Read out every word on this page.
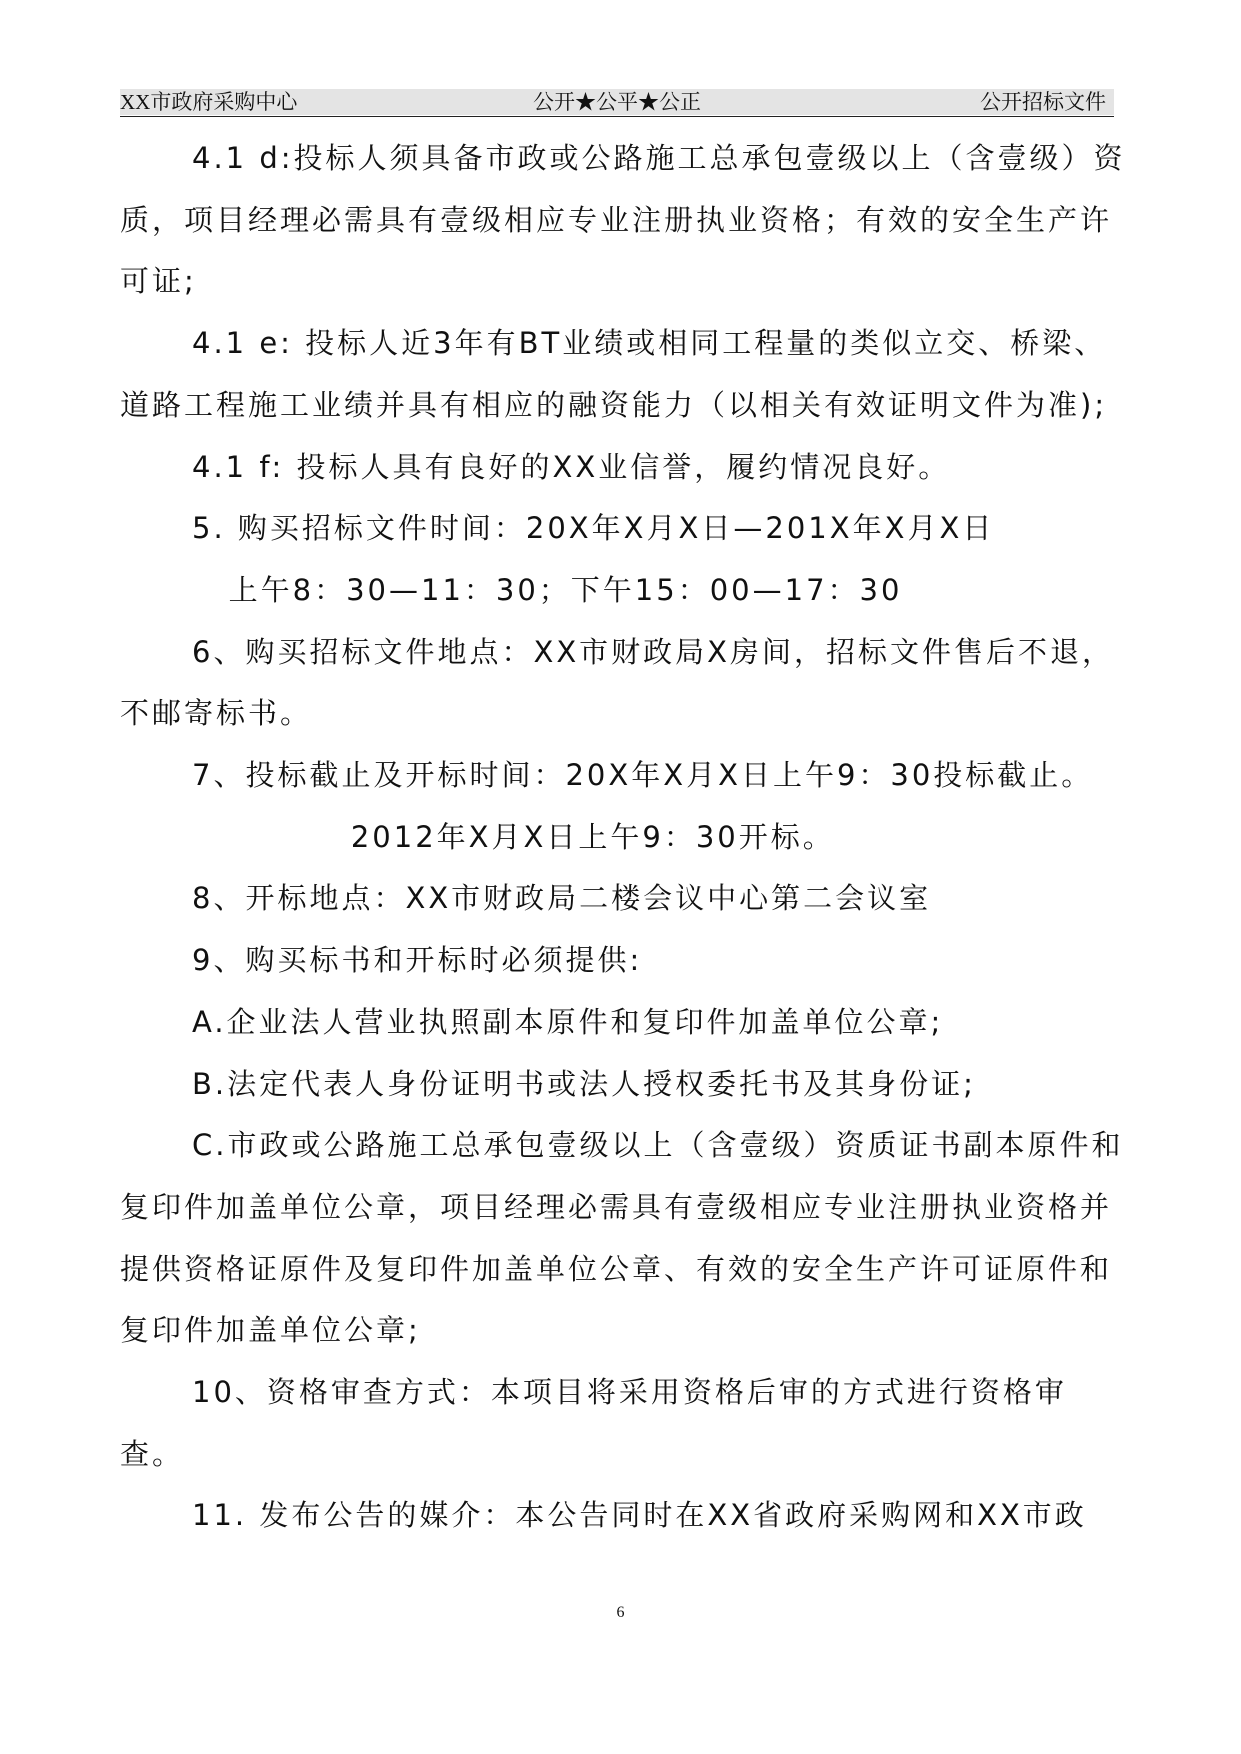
XX市政府采购中心	公开★公平★公正	公开招标文件

4.1 d:投标人须具备市政或公路施工总承包壹级以上（含壹级）资质，项目经理必需具有壹级相应专业注册执业资格；有效的安全生产许可证;

4.1 e: 投标人近3年有BT业绩或相同工程量的类似立交、桥梁、道路工程施工业绩并具有相应的融资能力（以相关有效证明文件为准);

4.1 f: 投标人具有良好的XX业信誉，履约情况良好。

5. 购买招标文件时间：20X年X月X日—201X年X月X日

上午8：30—11：30；下午15：00—17：30

6、购买招标文件地点：XX市财政局X房间，招标文件售后不退，不邮寄标书。

7、投标截止及开标时间：20X年X月X日上午9：30投标截止。

2012年X月X日上午9：30开标。

8、开标地点：XX市财政局二楼会议中心第二会议室

9、购买标书和开标时必须提供:

A.企业法人营业执照副本原件和复印件加盖单位公章;

B.法定代表人身份证明书或法人授权委托书及其身份证;

C.市政或公路施工总承包壹级以上（含壹级）资质证书副本原件和复印件加盖单位公章，项目经理必需具有壹级相应专业注册执业资格并提供资格证原件及复印件加盖单位公章、有效的安全生产许可证原件和复印件加盖单位公章;

10、资格审查方式：本项目将采用资格后审的方式进行资格审查。

11. 发布公告的媒介：本公告同时在XX省政府采购网和XX市政

6
